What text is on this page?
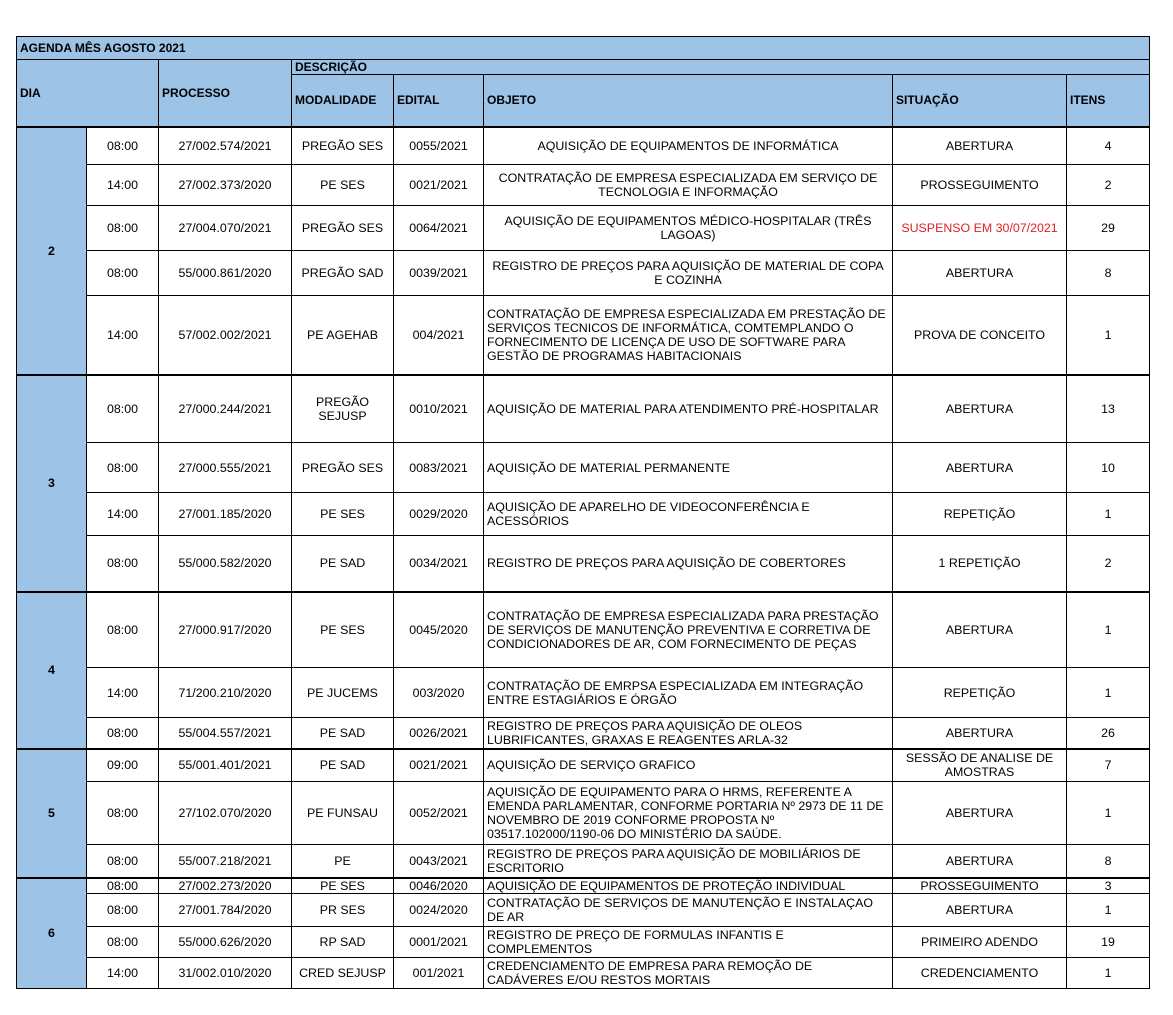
AGENDA MÊS AGOSTO 2021							
DIA		PROCESSO	DESCRIÇÃO				
			MODALIDADE	EDITAL	OBJETO	SITUAÇÃO	ITENS
2	08:00	27/002.574/2021	PREGÃO SES	0055/2021	AQUISIÇÃO DE EQUIPAMENTOS DE INFORMÁTICA	ABERTURA	4
	14:00	27/002.373/2020	PE SES	0021/2021	CONTRATAÇÃO DE EMPRESA ESPECIALIZADA EM SERVIÇO DE TECNOLOGIA E INFORMAÇÃO	PROSSEGUIMENTO	2
	08:00	27/004.070/2021	PREGÃO SES	0064/2021	AQUISIÇÃO DE EQUIPAMENTOS MÉDICO-HOSPITALAR (TRÊS LAGOAS)	SUSPENSO EM 30/07/2021	29
	08:00	55/000.861/2020	PREGÃO SAD	0039/2021	REGISTRO DE PREÇOS PARA AQUISIÇÃO DE MATERIAL DE COPA E COZINHA	ABERTURA	8
	14:00	57/002.002/2021	PE AGEHAB	004/2021	CONTRATAÇÃO DE EMPRESA ESPECIALIZADA EM PRESTAÇÃO DE SERVIÇOS TECNICOS DE INFORMÁTICA, COMTEMPLANDO O FORNECIMENTO DE LICENÇA DE USO DE SOFTWARE PARA GESTÃO DE PROGRAMAS HABITACIONAIS	PROVA DE CONCEITO	1
3	08:00	27/000.244/2021	PREGÃO SEJUSP	0010/2021	AQUISIÇÃO DE MATERIAL PARA ATENDIMENTO PRÉ-HOSPITALAR	ABERTURA	13
	08:00	27/000.555/2021	PREGÃO SES	0083/2021	AQUISIÇÃO DE MATERIAL PERMANENTE	ABERTURA	10
	14:00	27/001.185/2020	PE SES	0029/2020	AQUISIÇÃO DE APARELHO DE VIDEOCONFERÊNCIA E ACESSÓRIOS	REPETIÇÃO	1
	08:00	55/000.582/2020	PE SAD	0034/2021	REGISTRO DE PREÇOS PARA AQUISIÇÃO DE COBERTORES	1 REPETIÇÃO	2
4	08:00	27/000.917/2020	PE SES	0045/2020	CONTRATAÇÃO DE EMPRESA ESPECIALIZADA PARA PRESTAÇÃO DE SERVIÇOS DE MANUTENÇÃO PREVENTIVA E CORRETIVA DE CONDICIONADORES DE AR, COM FORNECIMENTO DE PEÇAS	ABERTURA	1
	14:00	71/200.210/2020	PE JUCEMS	003/2020	CONTRATAÇÃO DE EMRPSA ESPECIALIZADA EM INTEGRAÇÃO ENTRE ESTAGIÁRIOS E ÓRGÃO	REPETIÇÃO	1
	08:00	55/004.557/2021	PE SAD	0026/2021	REGISTRO DE PREÇOS PARA AQUISIÇÃO DE OLEOS LUBRIFICANTES, GRAXAS E REAGENTES ARLA-32	ABERTURA	26
5	09:00	55/001.401/2021	PE SAD	0021/2021	AQUISIÇÃO DE SERVIÇO GRAFICO	SESSÃO DE ANALISE DE AMOSTRAS	7
	08:00	27/102.070/2020	PE FUNSAU	0052/2021	AQUISIÇÃO DE EQUIPAMENTO PARA O HRMS, REFERENTE A EMENDA PARLAMENTAR, CONFORME PORTARIA Nº 2973 DE 11 DE NOVEMBRO DE 2019 CONFORME PROPOSTA Nº 03517.102000/1190-06 DO MINISTÉRIO DA SAÚDE.	ABERTURA	1
	08:00	55/007.218/2021	PE	0043/2021	REGISTRO DE PREÇOS PARA AQUISIÇÃO DE MOBILIÁRIOS DE ESCRITORIO	ABERTURA	8
6	08:00	27/002.273/2020	PE SES	0046/2020	AQUISIÇÃO DE EQUIPAMENTOS DE PROTEÇÃO INDIVIDUAL	PROSSEGUIMENTO	3
	08:00	27/001.784/2020	PR SES	0024/2020	CONTRATAÇÃO DE SERVIÇOS DE MANUTENÇÃO E INSTALAÇAO DE AR	ABERTURA	1
	08:00	55/000.626/2020	RP SAD	0001/2021	REGISTRO DE PREÇO DE FORMULAS INFANTIS E COMPLEMENTOS	PRIMEIRO ADENDO	19
	14:00	31/002.010/2020	CRED SEJUSP	001/2021	CREDENCIAMENTO DE EMPRESA PARA REMOÇÃO DE CADÁVERES E/OU RESTOS MORTAIS	CREDENCIAMENTO	1
